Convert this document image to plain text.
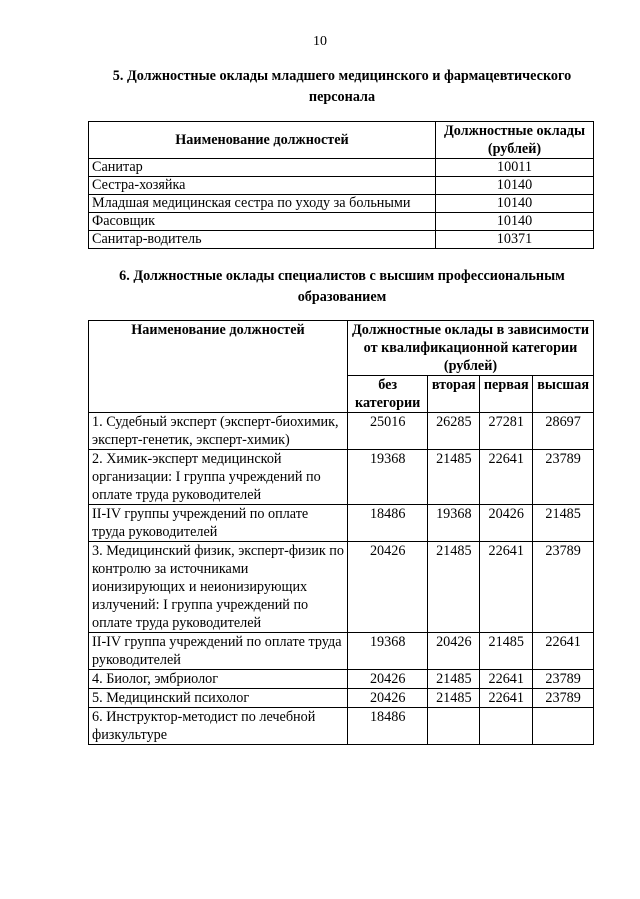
10
5. Должностные оклады младшего медицинского и фармацевтического персонала
Наименование должностей	Должностные оклады (рублей)
Санитар	10011
Сестра-хозяйка	10140
Младшая медицинская сестра по уходу за больными	10140
Фасовщик	10140
Санитар-водитель	10371
6. Должностные оклады специалистов с высшим профессиональным образованием
Наименование должностей	Должностные оклады в зависимости от квалификационной категории (рублей)			
	без категории	вторая	первая	высшая
1. Судебный эксперт (эксперт-биохимик, эксперт-генетик, эксперт-химик)	25016	26285	27281	28697
2. Химик-эксперт медицинской организации: I группа учреждений по оплате труда руководителей	19368	21485	22641	23789
II-IV группы учреждений по оплате труда руководителей	18486	19368	20426	21485
3. Медицинский физик, эксперт-физик по контролю за источниками ионизирующих и неионизирующих излучений: I группа учреждений по оплате труда руководителей	20426	21485	22641	23789
II-IV группа учреждений по оплате труда руководителей	19368	20426	21485	22641
4. Биолог, эмбриолог	20426	21485	22641	23789
5. Медицинский психолог	20426	21485	22641	23789
6. Инструктор-методист по лечебной физкультуре	18486			
